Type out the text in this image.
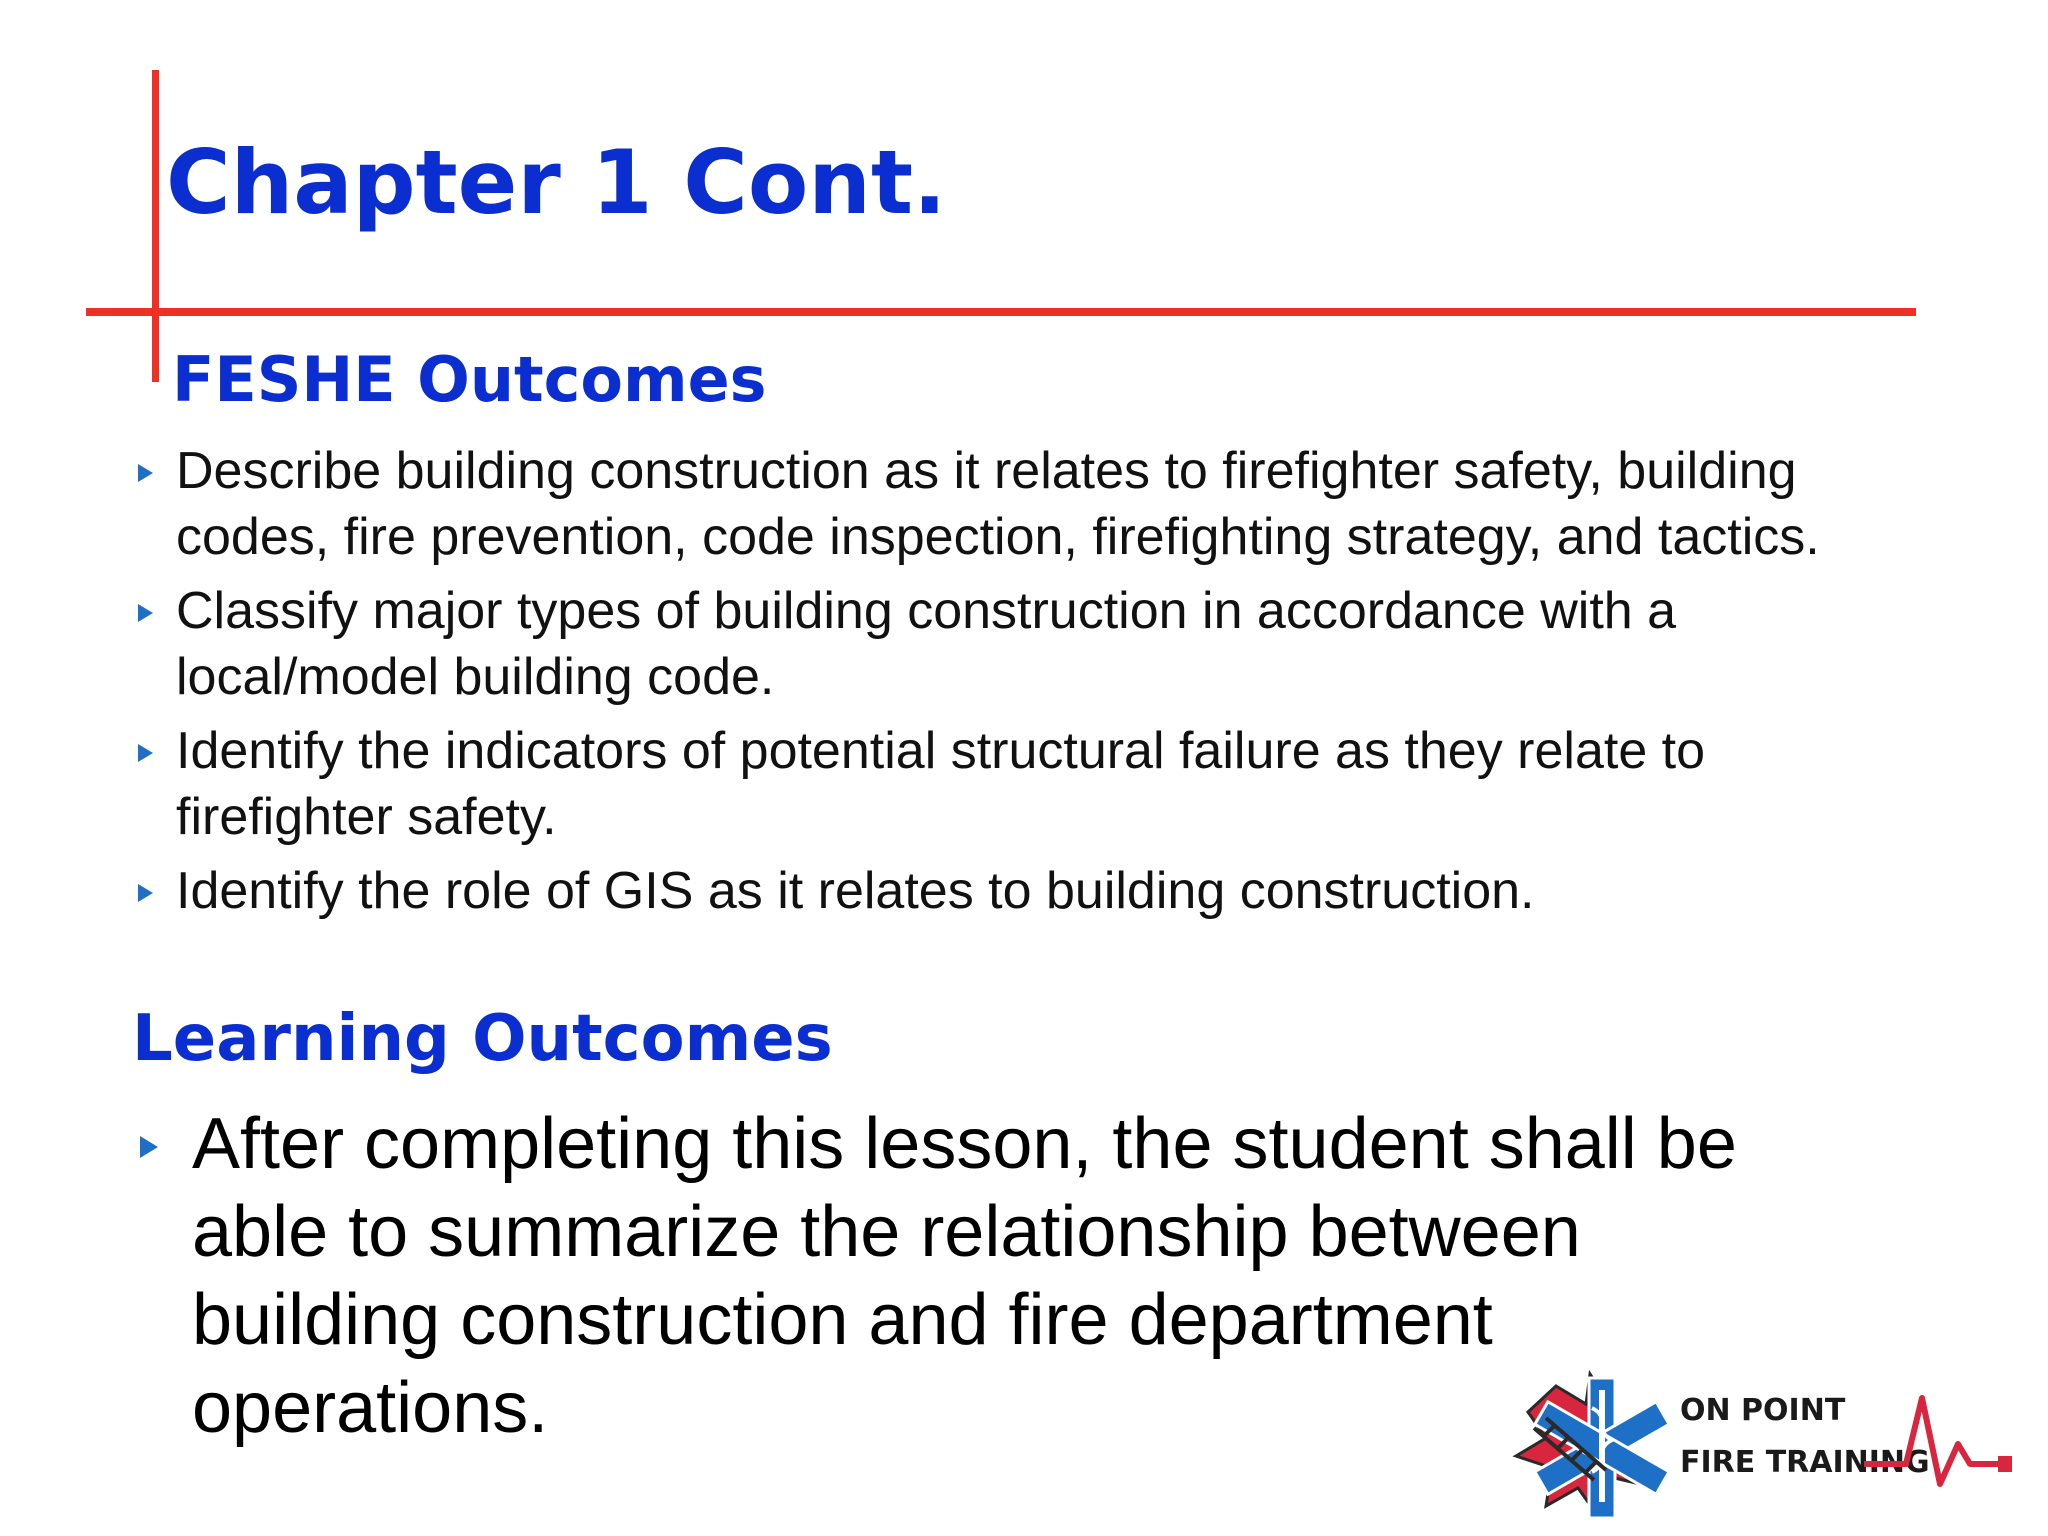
Chapter 1 Cont.
FESHE Outcomes
Describe building construction as it relates to firefighter safety, building codes, fire prevention, code inspection, firefighting strategy, and tactics.
Classify major types of building construction in accordance with a local/model building code.
Identify the indicators of potential structural failure as they relate to firefighter safety.
Identify the role of GIS as it relates to building construction.
Learning Outcomes
After completing this lesson, the student shall be able to summarize the relationship between building construction and fire department operations.	ON POINT
FIRE TRAINING
